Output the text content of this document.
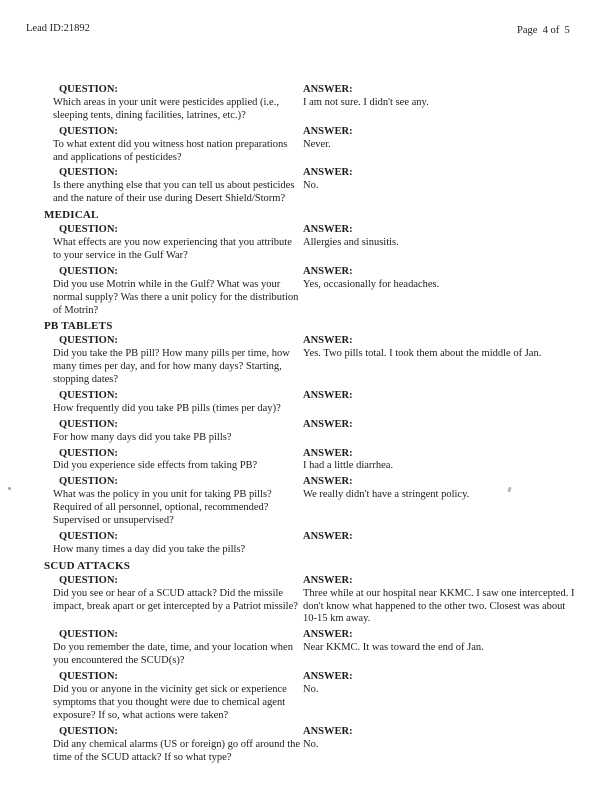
Lead ID:21892	Page  4 of  5
QUESTION:
Which areas in your unit were pesticides applied (i.e., sleeping tents, dining facilities, latrines, etc.)?
ANSWER:
I am not sure. I didn't see any.
QUESTION:
To what extent did you witness host nation preparations and applications of pesticides?
ANSWER:
Never.
QUESTION:
Is there anything else that you can tell us about pesticides and the nature of their use during Desert Shield/Storm?
ANSWER:
No.
MEDICAL
QUESTION:
What effects are you now experiencing that you attribute to your service in the Gulf War?
ANSWER:
Allergies and sinusitis.
QUESTION:
Did you use Motrin while in the Gulf? What was your normal supply? Was there a unit policy for the distribution of Motrin?
ANSWER:
Yes, occasionally for headaches.
PB TABLETS
QUESTION:
Did you take the PB pill? How many pills per time, how many times per day, and for how many days? Starting, stopping dates?
ANSWER:
Yes. Two pills total. I took them about the middle of Jan.
QUESTION:
How frequently did you take PB pills (times per day)?
ANSWER:
QUESTION:
For how many days did you take PB pills?
ANSWER:
QUESTION:
Did you experience side effects from taking PB?
ANSWER:
I had a little diarrhea.
QUESTION:
What was the policy in you unit for taking PB pills? Required of all personnel, optional, recommended? Supervised or unsupervised?
ANSWER:
We really didn't have a stringent policy.
QUESTION:
How many times a day did you take the pills?
ANSWER:
SCUD ATTACKS
QUESTION:
Did you see or hear of a SCUD attack? Did the missile impact, break apart or get intercepted by a Patriot missile?
ANSWER:
Three while at our hospital near KKMC. I saw one intercepted. I don't know what happened to the other two. Closest was about 10-15 km away.
QUESTION:
Do you remember the date, time, and your location when you encountered the SCUD(s)?
ANSWER:
Near KKMC. It was toward the end of Jan.
QUESTION:
Did you or anyone in the vicinity get sick or experience symptoms that you thought were due to chemical agent exposure? If so, what actions were taken?
ANSWER:
No.
QUESTION:
Did any chemical alarms (US or foreign) go off around the time of the SCUD attack? If so what type?
ANSWER:
No.
